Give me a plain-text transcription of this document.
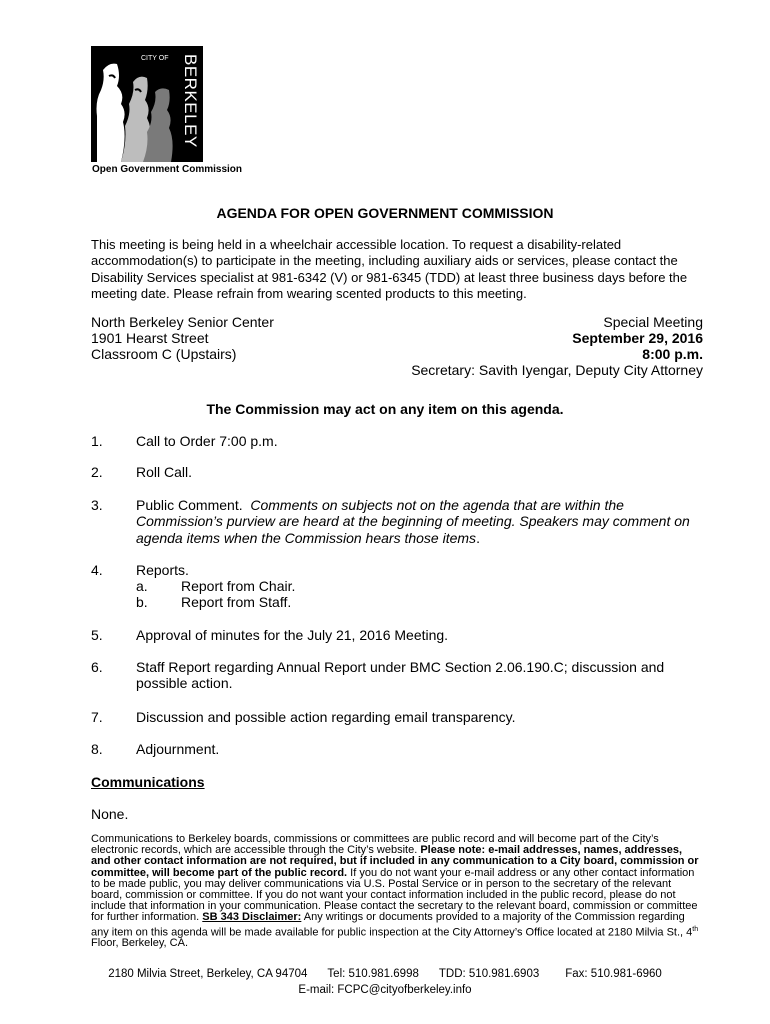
CITY OF BERKELEY
Open Government Commission
AGENDA FOR OPEN GOVERNMENT COMMISSION
This meeting is being held in a wheelchair accessible location. To request a disability-related accommodation(s) to participate in the meeting, including auxiliary aids or services, please contact the Disability Services specialist at 981-6342 (V) or 981-6345 (TDD) at least three business days before the meeting date. Please refrain from wearing scented products to this meeting.
North Berkeley Senior Center
1901 Hearst Street
Classroom C (Upstairs)
Special Meeting
September 29, 2016
8:00 p.m.
Secretary: Savith Iyengar, Deputy City Attorney
The Commission may act on any item on this agenda.
1. Call to Order 7:00 p.m.
2. Roll Call.
3. Public Comment. Comments on subjects not on the agenda that are within the Commission’s purview are heard at the beginning of meeting. Speakers may comment on agenda items when the Commission hears those items.
4. Reports.
a. Report from Chair.
b. Report from Staff.
5. Approval of minutes for the July 21, 2016 Meeting.
6. Staff Report regarding Annual Report under BMC Section 2.06.190.C; discussion and possible action.
7. Discussion and possible action regarding email transparency.
8. Adjournment.
Communications
None.
Communications to Berkeley boards, commissions or committees are public record and will become part of the City’s electronic records, which are accessible through the City’s website. Please note: e-mail addresses, names, addresses, and other contact information are not required, but if included in any communication to a City board, commission or committee, will become part of the public record. If you do not want your e-mail address or any other contact information to be made public, you may deliver communications via U.S. Postal Service or in person to the secretary of the relevant board, commission or committee. If you do not want your contact information included in the public record, please do not include that information in your communication. Please contact the secretary to the relevant board, commission or committee for further information. SB 343 Disclaimer: Any writings or documents provided to a majority of the Commission regarding any item on this agenda will be made available for public inspection at the City Attorney’s Office located at 2180 Milvia St., 4th Floor, Berkeley, CA.
2180 Milvia Street, Berkeley, CA 94704 Tel: 510.981.6998 TDD: 510.981.6903 Fax: 510.981-6960
E-mail: FCPC@cityofberkeley.info
